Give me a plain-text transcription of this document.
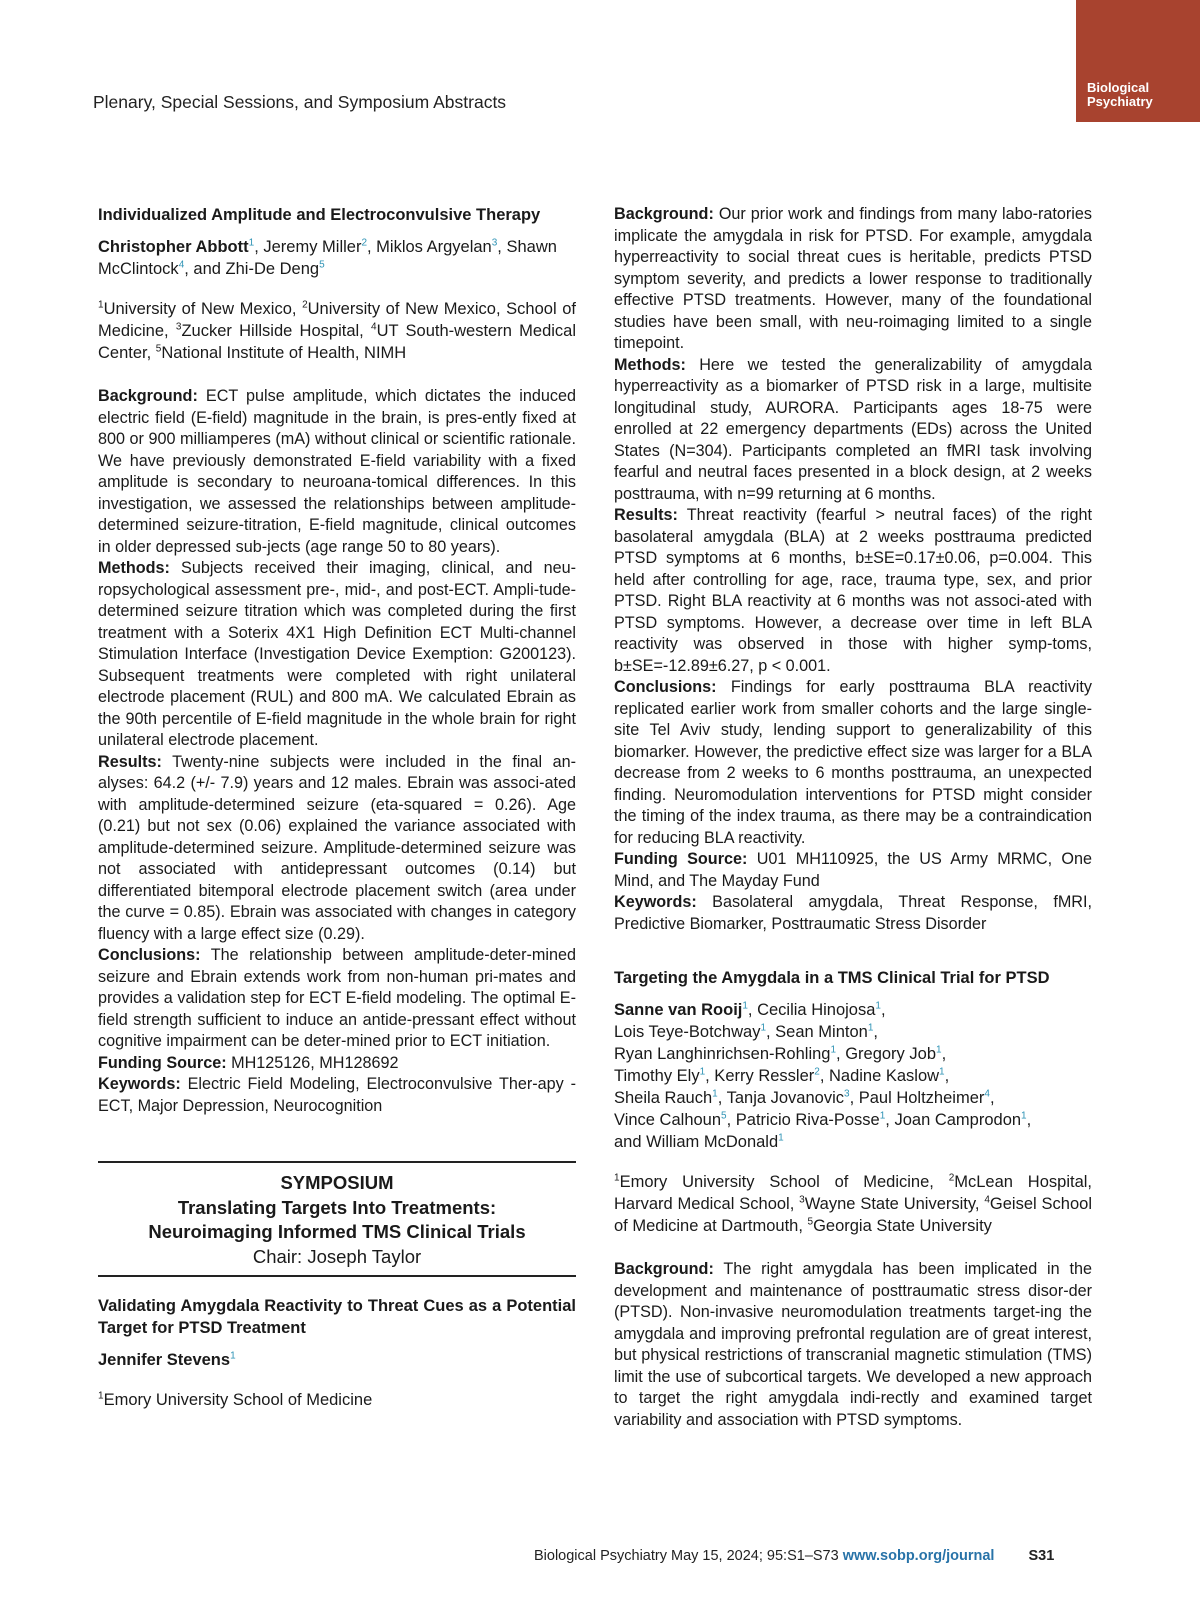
Plenary, Special Sessions, and Symposium Abstracts
Biological
Psychiatry
Individualized Amplitude and Electroconvulsive Therapy
Christopher Abbott$^1$, Jeremy Miller$^2$, Miklos Argyelan$^3$, Shawn McClintock$^4$, and Zhi-De Deng$^5$
$^1$University of New Mexico, $^2$University of New Mexico, School of Medicine, $^3$Zucker Hillside Hospital, $^4$UT South-western Medical Center, $^5$National Institute of Health, NIMH

Background: ECT pulse amplitude, which dictates the induced electric field (E-field) magnitude in the brain, is pres-ently fixed at 800 or 900 milliamperes (mA) without clinical or scientific rationale. We have previously demonstrated E-field variability with a fixed amplitude is secondary to neuroana-tomical differences. In this investigation, we assessed the relationships between amplitude-determined seizure-titration, E-field magnitude, clinical outcomes in older depressed sub-jects (age range 50 to 80 years).

Methods: Subjects received their imaging, clinical, and neu-ropsychological assessment pre-, mid-, and post-ECT. Ampli-tude-determined seizure titration which was completed during the first treatment with a Soterix 4X1 High Definition ECT Multi-channel Stimulation Interface (Investigation Device Exemption: G200123). Subsequent treatments were completed with right unilateral electrode placement (RUL) and 800 mA. We calculated Ebrain as the 90th percentile of E-field magnitude in the whole brain for right unilateral electrode placement.

Results: Twenty-nine subjects were included in the final an-alyses: 64.2 (+/- 7.9) years and 12 males. Ebrain was associ-ated with amplitude-determined seizure (eta-squared = 0.26). Age (0.21) but not sex (0.06) explained the variance associated with amplitude-determined seizure. Amplitude-determined seizure was not associated with antidepressant outcomes (0.14) but differentiated bitemporal electrode placement switch (area under the curve = 0.85). Ebrain was associated with changes in category fluency with a large effect size (0.29).

Conclusions: The relationship between amplitude-deter-mined seizure and Ebrain extends work from non-human pri-mates and provides a validation step for ECT E-field modeling. The optimal E-field strength sufficient to induce an antide-pressant effect without cognitive impairment can be deter-mined prior to ECT initiation.

Funding Source: MH125126, MH128692

Keywords: Electric Field Modeling, Electroconvulsive Ther-apy - ECT, Major Depression, Neurocognition

SYMPOSIUM
Translating Targets Into Treatments:
Neuroimaging Informed TMS Clinical Trials
Chair: Joseph Taylor
Validating Amygdala Reactivity to Threat Cues as a Potential Target for PTSD Treatment
Jennifer Stevens$^1$
$^1$Emory University School of Medicine

Background: Our prior work and findings from many labo-ratories implicate the amygdala in risk for PTSD. For example, amygdala hyperreactivity to social threat cues is heritable, predicts PTSD symptom severity, and predicts a lower response to traditionally effective PTSD treatments. However, many of the foundational studies have been small, with neu-roimaging limited to a single timepoint.

Methods: Here we tested the generalizability of amygdala hyperreactivity as a biomarker of PTSD risk in a large, multisite longitudinal study, AURORA. Participants ages 18-75 were enrolled at 22 emergency departments (EDs) across the United States (N=304). Participants completed an fMRI task involving fearful and neutral faces presented in a block design, at 2 weeks posttrauma, with n=99 returning at 6 months.

Results: Threat reactivity (fearful > neutral faces) of the right basolateral amygdala (BLA) at 2 weeks posttrauma predicted PTSD symptoms at 6 months, b±SE=0.17±0.06, p=0.004. This held after controlling for age, race, trauma type, sex, and prior PTSD. Right BLA reactivity at 6 months was not associ-ated with PTSD symptoms. However, a decrease over time in left BLA reactivity was observed in those with higher symp-toms, b±SE=-12.89±6.27, p < 0.001.

Conclusions: Findings for early posttrauma BLA reactivity replicated earlier work from smaller cohorts and the large single-site Tel Aviv study, lending support to generalizability of this biomarker. However, the predictive effect size was larger for a BLA decrease from 2 weeks to 6 months posttrauma, an unexpected finding. Neuromodulation interventions for PTSD might consider the timing of the index trauma, as there may be a contraindication for reducing BLA reactivity.

Funding Source: U01 MH110925, the US Army MRMC, One Mind, and The Mayday Fund

Keywords: Basolateral amygdala, Threat Response, fMRI, Predictive Biomarker, Posttraumatic Stress Disorder

Targeting the Amygdala in a TMS Clinical Trial for PTSD
Sanne van Rooij$^1$, Cecilia Hinojosa$^1$,
Lois Teye-Botchway$^1$, Sean Minton$^1$,
Ryan Langhinrichsen-Rohling$^1$, Gregory Job$^1$,
Timothy Ely$^1$, Kerry Ressler$^2$, Nadine Kaslow$^1$,
Sheila Rauch$^1$, Tanja Jovanovic$^3$, Paul Holtzheimer$^4$,
Vince Calhoun$^5$, Patricio Riva-Posse$^1$, Joan Camprodon$^1$,
and William McDonald$^1$
$^1$Emory University School of Medicine, $^2$McLean Hospital, Harvard Medical School, $^3$Wayne State University, $^4$Geisel School of Medicine at Dartmouth, $^5$Georgia State University

Background: The right amygdala has been implicated in the development and maintenance of posttraumatic stress disor-der (PTSD). Non-invasive neuromodulation treatments target-ing the amygdala and improving prefrontal regulation are of great interest, but physical restrictions of transcranial magnetic stimulation (TMS) limit the use of subcortical targets. We developed a new approach to target the right amygdala indi-rectly and examined target variability and association with PTSD symptoms.

Biological Psychiatry May 15, 2024; 95:S1–S73 www.sobp.org/journal S31
